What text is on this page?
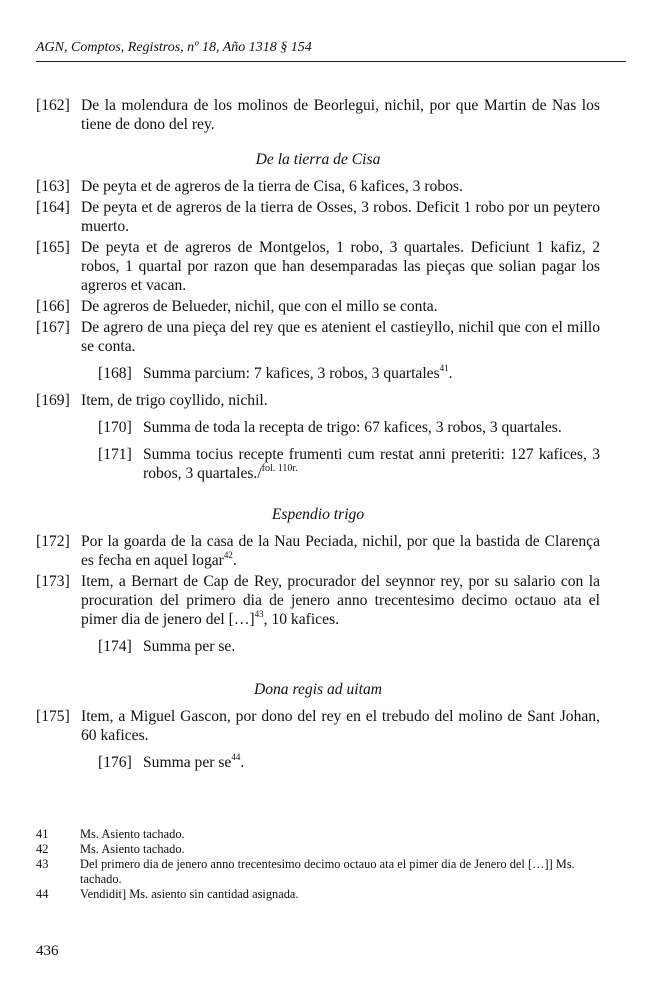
AGN, Comptos, Registros, nº 18, Año 1318 § 154
[162] De la molendura de los molinos de Beorlegui, nichil, por que Martin de Nas los tiene de dono del rey.
De la tierra de Cisa
[163] De peyta et de agreros de la tierra de Cisa, 6 kafices, 3 robos.
[164] De peyta et de agreros de la tierra de Osses, 3 robos. Deficit 1 robo por un peytero muerto.
[165] De peyta et de agreros de Montgelos, 1 robo, 3 quartales. Deficiunt 1 kafiz, 2 robos, 1 quartal por razon que han desemparadas las pieças que solian pagar los agreros et vacan.
[166] De agreros de Belueder, nichil, que con el millo se conta.
[167] De agrero de una pieça del rey que es atenient el castieyllo, nichil que con el millo se conta.
[168] Summa parcium: 7 kafices, 3 robos, 3 quartales$^{41}$.
[169] Item, de trigo coyllido, nichil.
[170] Summa de toda la recepta de trigo: 67 kafices, 3 robos, 3 quartales.
[171] Summa tocius recepte frumenti cum restat anni preteriti: 127 kafices, 3 robos, 3 quartales./$^{fol. 110r.}$
Espendio trigo
[172] Por la goarda de la casa de la Nau Peciada, nichil, por que la bastida de Clarença es fecha en aquel logar$^{42}$.
[173] Item, a Bernart de Cap de Rey, procurador del seynnor rey, por su salario con la procuration del primero dia de jenero anno trecentesimo decimo octauo ata el pimer dia de jenero del […]$^{43}$, 10 kafices.
[174] Summa per se.
Dona regis ad uitam
[175] Item, a Miguel Gascon, por dono del rey en el trebudo del molino de Sant Johan, 60 kafices.
[176] Summa per $se^{44}$.
41	Ms. Asiento tachado.
42	Ms. Asiento tachado.
43	Del primero dia de jenero anno trecentesimo decimo octauo ata el pimer dia de Jenero del […]] Ms. tachado.
44	Vendidit] Ms. asiento sin cantidad asignada.
436
